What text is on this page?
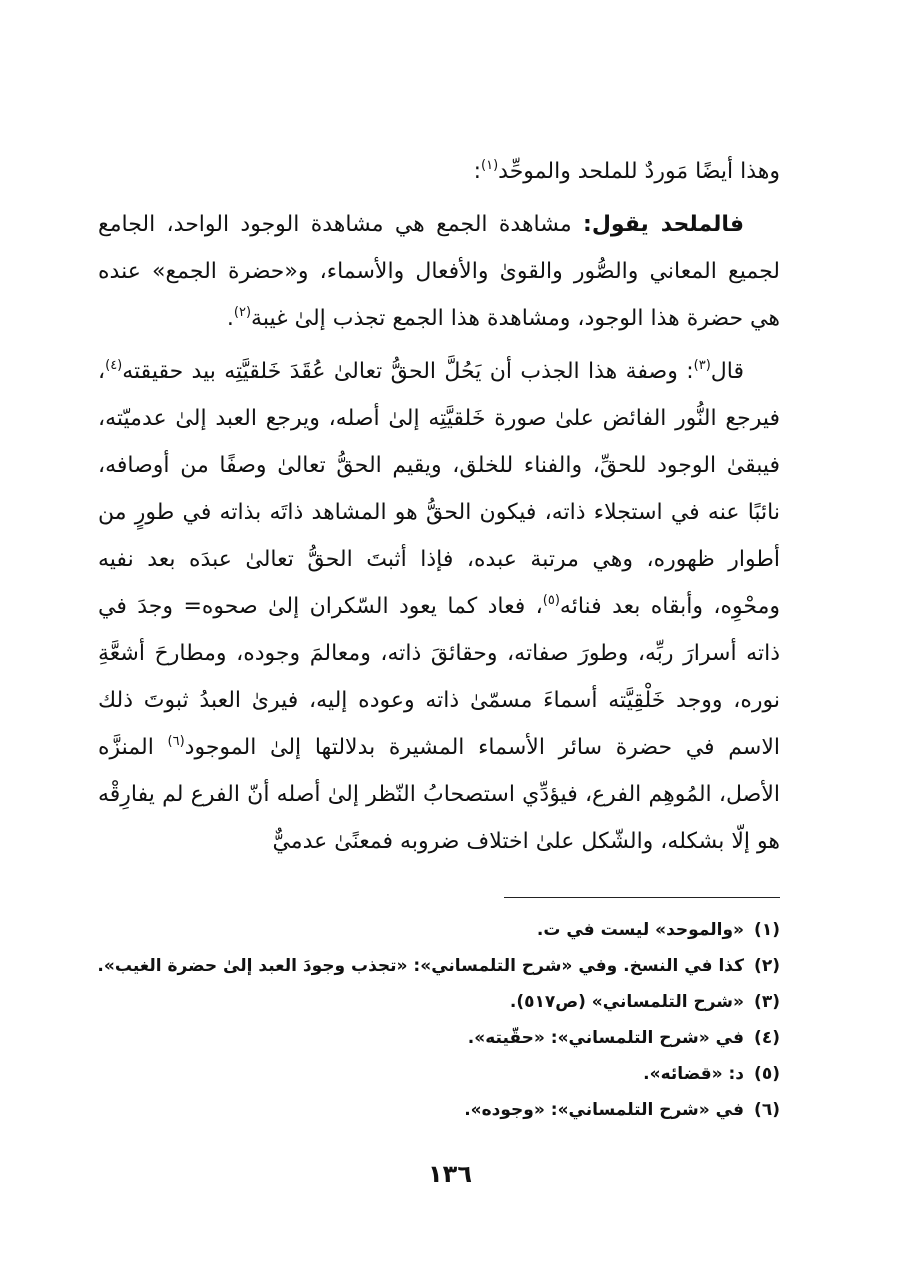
وهذا أيضًا مَوردٌ للملحد والموحِّد$^{(١)}$:

فالملحد يقول: مشاهدة الجمع هي مشاهدة الوجود الواحد، الجامع لجميع المعاني والصُّور والقوىٰ والأفعال والأسماء، و«حضرة الجمع» عنده هي حضرة هذا الوجود، ومشاهدة هذا الجمع تجذب إلىٰ غيبة$^{(٢)}$.

قال$^{(٣)}$: وصفة هذا الجذب أن يَحُلَّ الحقُّ تعالىٰ عُقَدَ خَلقيَّتِه بيد حقيقته$^{(٤)}$، فيرجع النُّور الفائض علىٰ صورة خَلقيَّتِه إلىٰ أصله، ويرجع العبد إلىٰ عدميّته، فيبقىٰ الوجود للحقِّ، والفناء للخلق، ويقيم الحقُّ تعالىٰ وصفًا من أوصافه، نائبًا عنه في استجلاء ذاته، فيكون الحقُّ هو المشاهد ذاتَه بذاته في طورٍ من أطوار ظهوره، وهي مرتبة عبده، فإذا أثبتَ الحقُّ تعالىٰ عبدَه بعد نفيه ومحْوِه، وأبقاه بعد فنائه$^{(٥)}$، فعاد كما يعود السّكران إلىٰ صحوه= وجدَ في ذاته أسرارَ ربِّه، وطورَ صفاته، وحقائقَ ذاته، ومعالمَ وجوده، ومطارحَ أشعَّةِ نوره، ووجد خَلْقِيَّته أسماءَ مسمّىٰ ذاته وعوده إليه، فيرىٰ العبدُ ثبوتَ ذلك الاسم في حضرة سائر الأسماء المشيرة بدلالتها إلىٰ الموجود$^{(٦)}$ المنزَّه الأصل، المُوهِم الفرع، فيؤدِّي استصحابُ النّظر إلىٰ أصله أنّ الفرع لم يفارِقْه هو إلّا بشكله، والشّكل علىٰ اختلاف ضروبه فمعنًىٰ عدميٌّ

(١)«والموحد» ليست في ت.
(٢)كذا في النسخ. وفي «شرح التلمساني»: «تجذب وجودَ العبد إلىٰ حضرة الغيب».
(٣)«شرح التلمساني» (ص٥١٧).
(٤)في «شرح التلمساني»: «حقّيته».
(٥)د: «قضائه».
(٦)في «شرح التلمساني»: «وجوده».
١٣٦
